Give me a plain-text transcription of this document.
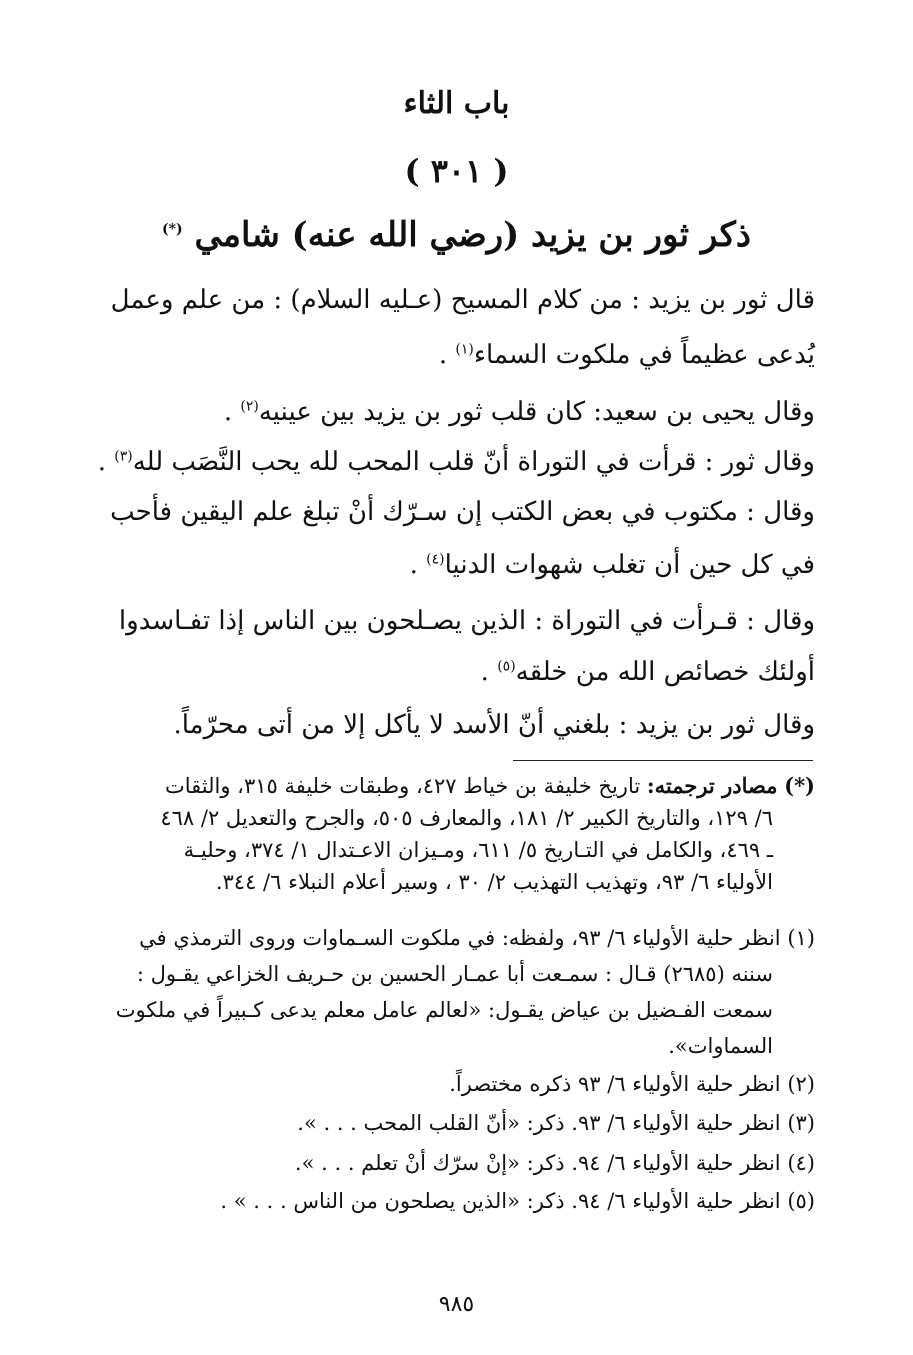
باب الثاء
( ٣٠١ )
ذكر ثور بن يزيد (رضي الله عنه) شامي (*)
قال ثور بن يزيد : من كلام المسيح (عـليه السلام) : من علم وعمل
يُدعى عظيماً في ملكوت السماء$^{(١)}$ .
وقال يحيى بن سعيد: كان قلب ثور بن يزيد بين عينيه$^{(٢)}$ .
وقال ثور : قرأت في التوراة أنّ قلب المحب لله يحب النَّصَب لله$^{(٣)}$ .
وقال : مكتوب في بعض الكتب إن سـرّك أنْ تبلغ علم اليقين فأحب
في كل حين أن تغلب شهوات الدنيا$^{(٤)}$ .
وقال : قـرأت في التوراة : الذين يصـلحون بين الناس إذا تفـاسدوا
أولئك خصائص الله من خلقه$^{(٥)}$ .
وقال ثور بن يزيد : بلغني أنّ الأسد لا يأكل إلا من أتى محرّماً.
(*) مصادر ترجمته: تاريخ خليفة بن خياط ٤٢٧، وطبقات خليفة ٣١٥، والثقات
٦/ ١٢٩، والتاريخ الكبير ٢/ ١٨١، والمعارف ٥٠٥، والجرح والتعديل ٢/ ٤٦٨
ـ ٤٦٩، والكامل في التـاريخ ٥/ ٦١١، ومـيزان الاعـتدال ١/ ٣٧٤، وحليـة
الأولياء ٦/ ٩٣، وتهذيب التهذيب ٢/ ٣٠ ، وسير أعلام النبلاء ٦/ ٣٤٤.
(١) انظر حلية الأولياء ٦/ ٩٣، ولفظه: في ملكوت السـماوات وروى الترمذي في
سننه (٢٦٨٥) قـال : سمـعت أبا عمـار الحسين بن حـريف الخزاعي يقـول :
سمعت الفـضيل بن عياض يقـول: «لعالم عامل معلم يدعى كـبيراً في ملكوت
السماوات».
(٢) انظر حلية الأولياء ٦/ ٩٣ ذكره مختصراً.
(٣) انظر حلية الأولياء ٦/ ٩٣. ذكر: «أنّ القلب المحب . . . ».
(٤) انظر حلية الأولياء ٦/ ٩٤. ذكر: «إنْ سرّك أنْ تعلم . . . ».
(٥) انظر حلية الأولياء ٦/ ٩٤. ذكر: «الذين يصلحون من الناس . . . » .
٩٨٥
